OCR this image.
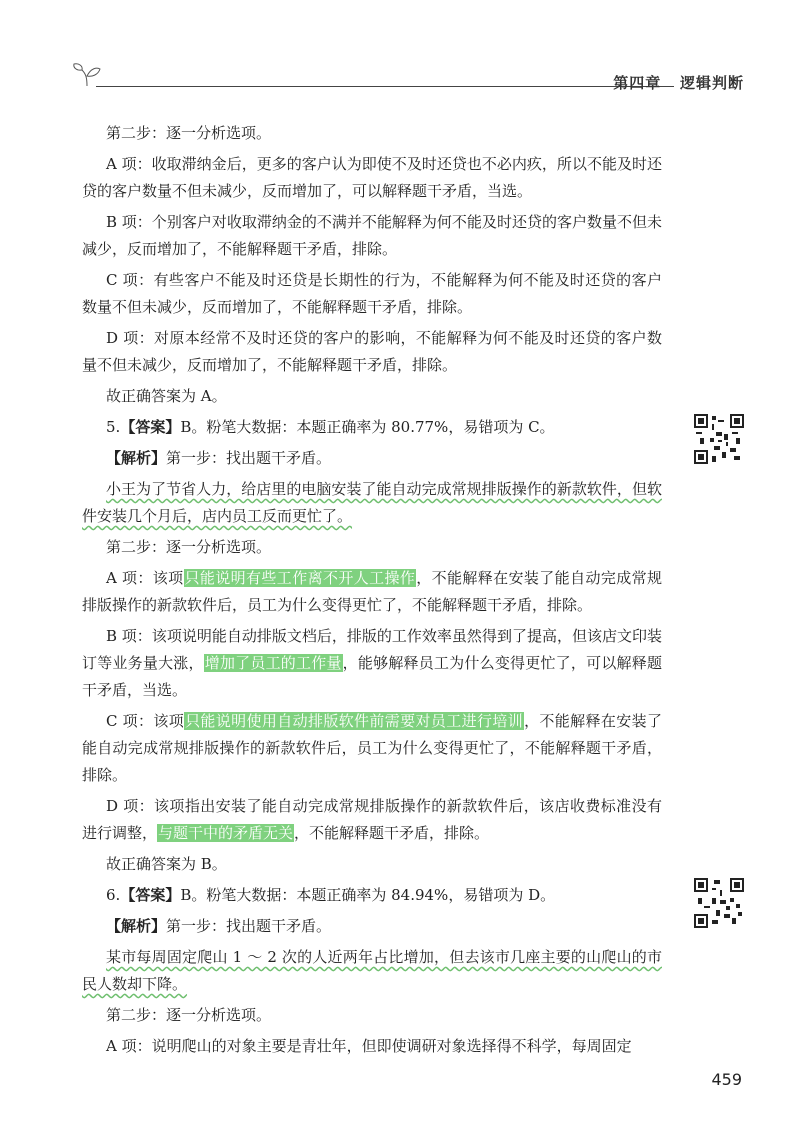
第四章 逻辑判断

第二步：逐一分析选项。

A 项：收取滞纳金后，更多的客户认为即使不及时还贷也不必内疚，所以不能及时还贷的客户数量不但未减少，反而增加了，可以解释题干矛盾，当选。

B 项：个别客户对收取滞纳金的不满并不能解释为何不能及时还贷的客户数量不但未减少，反而增加了，不能解释题干矛盾，排除。

C 项：有些客户不能及时还贷是长期性的行为，不能解释为何不能及时还贷的客户数量不但未减少，反而增加了，不能解释题干矛盾，排除。

D 项：对原本经常不及时还贷的客户的影响，不能解释为何不能及时还贷的客户数量不但未减少，反而增加了，不能解释题干矛盾，排除。

故正确答案为 A。

5.【答案】B。粉笔大数据：本题正确率为 80.77%，易错项为 C。

【解析】第一步：找出题干矛盾。

小王为了节省人力，给店里的电脑安装了能自动完成常规排版操作的新款软件，但软件安装几个月后，店内员工反而更忙了。

第二步：逐一分析选项。

A 项：该项只能说明有些工作离不开人工操作，不能解释在安装了能自动完成常规排版操作的新款软件后，员工为什么变得更忙了，不能解释题干矛盾，排除。

B 项：该项说明能自动排版文档后，排版的工作效率虽然得到了提高，但该店文印装订等业务量大涨，增加了员工的工作量，能够解释员工为什么变得更忙了，可以解释题干矛盾，当选。

C 项：该项只能说明使用自动排版软件前需要对员工进行培训，不能解释在安装了能自动完成常规排版操作的新款软件后，员工为什么变得更忙了，不能解释题干矛盾，排除。

D 项：该项指出安装了能自动完成常规排版操作的新款软件后，该店收费标准没有进行调整，与题干中的矛盾无关，不能解释题干矛盾，排除。

故正确答案为 B。

6.【答案】B。粉笔大数据：本题正确率为 84.94%，易错项为 D。

【解析】第一步：找出题干矛盾。

某市每周固定爬山 1 ～ 2 次的人近两年占比增加，但去该市几座主要的山爬山的市民人数却下降。

第二步：逐一分析选项。

A 项：说明爬山的对象主要是青壮年，但即使调研对象选择得不科学，每周固定

459
